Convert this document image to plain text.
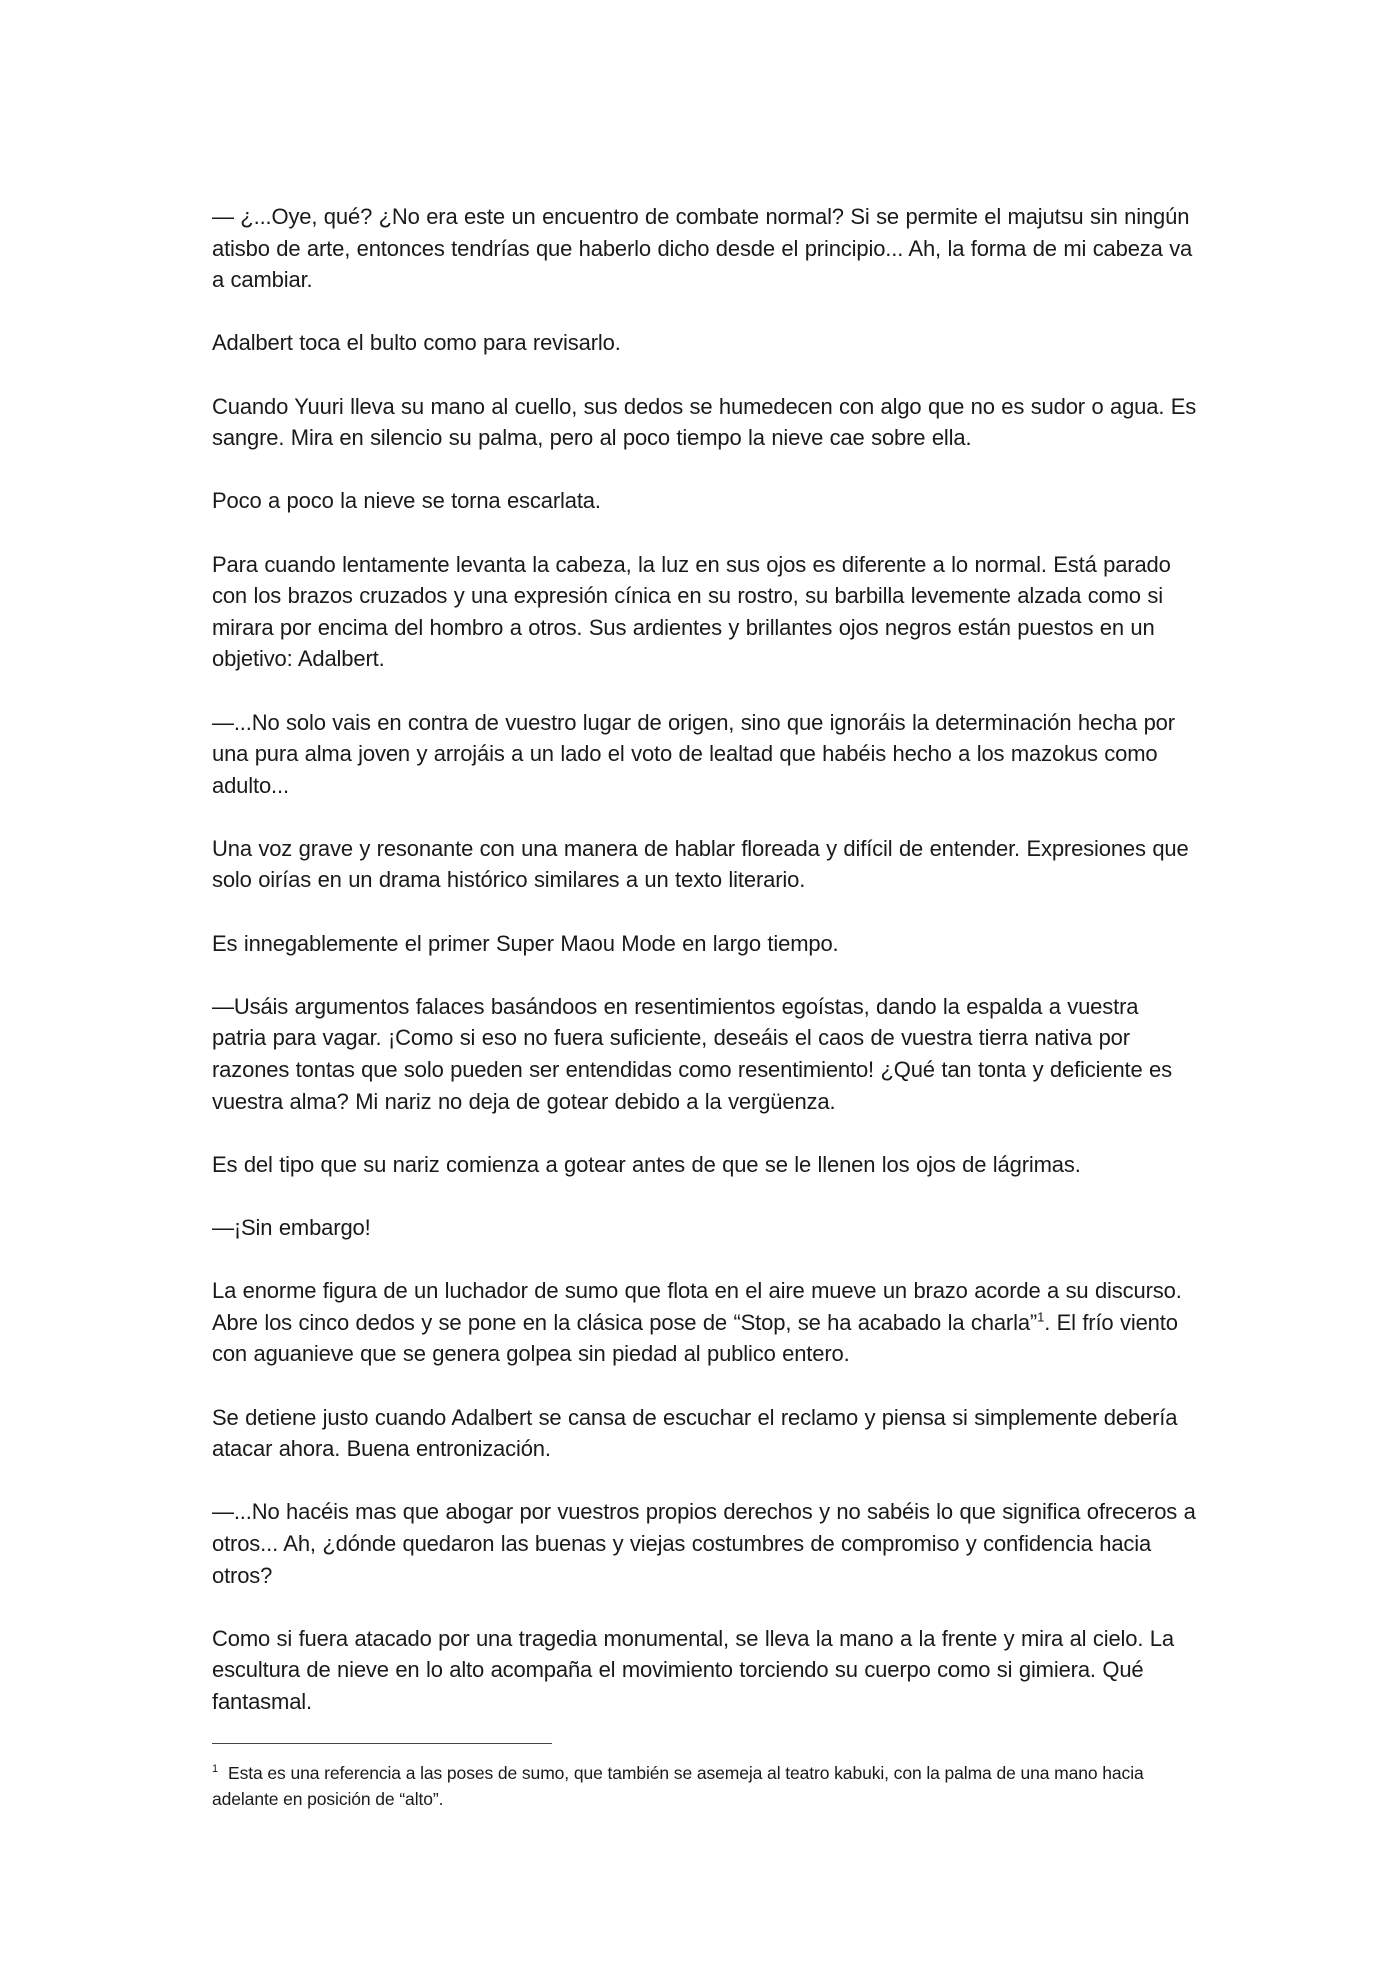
— ¿...Oye, qué? ¿No era este un encuentro de combate normal? Si se permite el majutsu sin ningún atisbo de arte, entonces tendrías que haberlo dicho desde el principio... Ah, la forma de mi cabeza va a cambiar.

Adalbert toca el bulto como para revisarlo.

Cuando Yuuri lleva su mano al cuello, sus dedos se humedecen con algo que no es sudor o agua. Es sangre. Mira en silencio su palma, pero al poco tiempo la nieve cae sobre ella.

Poco a poco la nieve se torna escarlata.

Para cuando lentamente levanta la cabeza, la luz en sus ojos es diferente a lo normal. Está parado con los brazos cruzados y una expresión cínica en su rostro, su barbilla levemente alzada como si mirara por encima del hombro a otros. Sus ardientes y brillantes ojos negros están puestos en un objetivo: Adalbert.

—...No solo vais en contra de vuestro lugar de origen, sino que ignoráis la determinación hecha por una pura alma joven y arrojáis a un lado el voto de lealtad que habéis hecho a los mazokus como adulto...

Una voz grave y resonante con una manera de hablar floreada y difícil de entender. Expresiones que solo oirías en un drama histórico similares a un texto literario.

Es innegablemente el primer Super Maou Mode en largo tiempo.

—Usáis argumentos falaces basándoos en resentimientos egoístas, dando la espalda a vuestra patria para vagar. ¡Como si eso no fuera suficiente, deseáis el caos de vuestra tierra nativa por razones tontas que solo pueden ser entendidas como resentimiento! ¿Qué tan tonta y deficiente es vuestra alma? Mi nariz no deja de gotear debido a la vergüenza.

Es del tipo que su nariz comienza a gotear antes de que se le llenen los ojos de lágrimas.

—¡Sin embargo!

La enorme figura de un luchador de sumo que flota en el aire mueve un brazo acorde a su discurso. Abre los cinco dedos y se pone en la clásica pose de “Stop, se ha acabado la charla”$^1$. El frío viento con aguanieve que se genera golpea sin piedad al publico entero.

Se detiene justo cuando Adalbert se cansa de escuchar el reclamo y piensa si simplemente debería atacar ahora. Buena entronización.

—...No hacéis mas que abogar por vuestros propios derechos y no sabéis lo que significa ofreceros a otros... Ah, ¿dónde quedaron las buenas y viejas costumbres de compromiso y confidencia hacia otros?

Como si fuera atacado por una tragedia monumental, se lleva la mano a la frente y mira al cielo. La escultura de nieve en lo alto acompaña el movimiento torciendo su cuerpo como si gimiera. Qué fantasmal.

$^1$ Esta es una referencia a las poses de sumo, que también se asemeja al teatro kabuki, con la palma de una mano hacia adelante en posición de “alto”.
